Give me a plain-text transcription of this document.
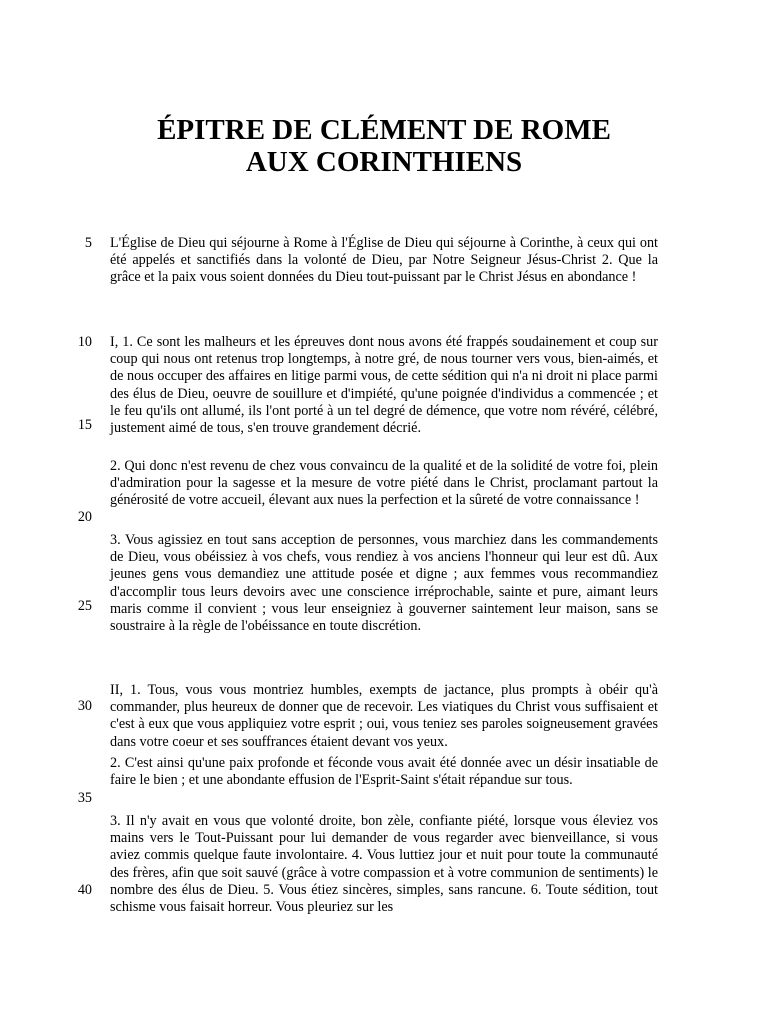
ÉPITRE DE CLÉMENT DE ROME
AUX CORINTHIENS
5
10
15
20
25
30
35
40

L'Église de Dieu qui séjourne à Rome à l'Église de Dieu qui séjourne à Corinthe, à ceux qui ont été appelés et sanctifiés dans la volonté de Dieu, par Notre Seigneur Jésus-Christ 2. Que la grâce et la paix vous soient données du Dieu tout-puissant par le Christ Jésus en abondance !

I, 1. Ce sont les malheurs et les épreuves dont nous avons été frappés soudainement et coup sur coup qui nous ont retenus trop longtemps, à notre gré, de nous tourner vers vous, bien-aimés, et de nous occuper des affaires en litige parmi vous, de cette sédition qui n'a ni droit ni place parmi des élus de Dieu, oeuvre de souillure et d'impiété, qu'une poignée d'individus a commencée ; et le feu qu'ils ont allumé, ils l'ont porté à un tel degré de démence, que votre nom révéré, célébré, justement aimé de tous, s'en trouve grandement décrié.

2. Qui donc n'est revenu de chez vous convaincu de la qualité et de la solidité de votre foi, plein d'admiration pour la sagesse et la mesure de votre piété dans le Christ, proclamant partout la générosité de votre accueil, élevant aux nues la perfection et la sûreté de votre connaissance !

3. Vous agissiez en tout sans acception de personnes, vous marchiez dans les commandements de Dieu, vous obéissiez à vos chefs, vous rendiez à vos anciens l'honneur qui leur est dû. Aux jeunes gens vous demandiez une attitude posée et digne ; aux femmes vous recommandiez d'accomplir tous leurs devoirs avec une conscience irréprochable, sainte et pure, aimant leurs maris comme il convient ; vous leur enseigniez à gouverner saintement leur maison, sans se soustraire à la règle de l'obéissance en toute discrétion.

II, 1. Tous, vous vous montriez humbles, exempts de jactance, plus prompts à obéir qu'à commander, plus heureux de donner que de recevoir. Les viatiques du Christ vous suffisaient et c'est à eux que vous appliquiez votre esprit ; oui, vous teniez ses paroles soigneusement gravées dans votre coeur et ses souffrances étaient devant vos yeux.

2. C'est ainsi qu'une paix profonde et féconde vous avait été donnée avec un désir insatiable de faire le bien ; et une abondante effusion de l'Esprit-Saint s'était répandue sur tous.

3. Il n'y avait en vous que volonté droite, bon zèle, confiante piété, lorsque vous éleviez vos mains vers le Tout-Puissant pour lui demander de vous regarder avec bienveillance, si vous aviez commis quelque faute involontaire. 4. Vous luttiez jour et nuit pour toute la communauté des frères, afin que soit sauvé (grâce à votre compassion et à votre communion de sentiments) le nombre des élus de Dieu. 5. Vous étiez sincères, simples, sans rancune. 6. Toute sédition, tout schisme vous faisait horreur. Vous pleuriez sur les
